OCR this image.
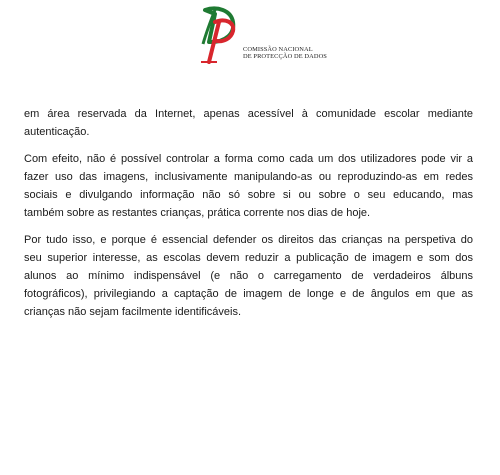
COMISSÃO NACIONAL
DE PROTECÇÃO DE DADOS

em área reservada da Internet, apenas acessível à comunidade escolar mediante
autenticação.

Com efeito, não é possível controlar a forma como cada um dos utilizadores pode vir a
fazer uso das imagens, inclusivamente manipulando-as ou reproduzindo-as em redes
sociais e divulgando informação não só sobre si ou sobre o seu educando, mas
também sobre as restantes crianças, prática corrente nos dias de hoje.

Por tudo isso, e porque é essencial defender os direitos das crianças na perspetiva do
seu superior interesse, as escolas devem reduzir a publicação de imagem e som dos
alunos ao mínimo indispensável (e não o carregamento de verdadeiros álbuns
fotográficos), privilegiando a captação de imagem de longe e de ângulos em que as
crianças não sejam facilmente identificáveis.
